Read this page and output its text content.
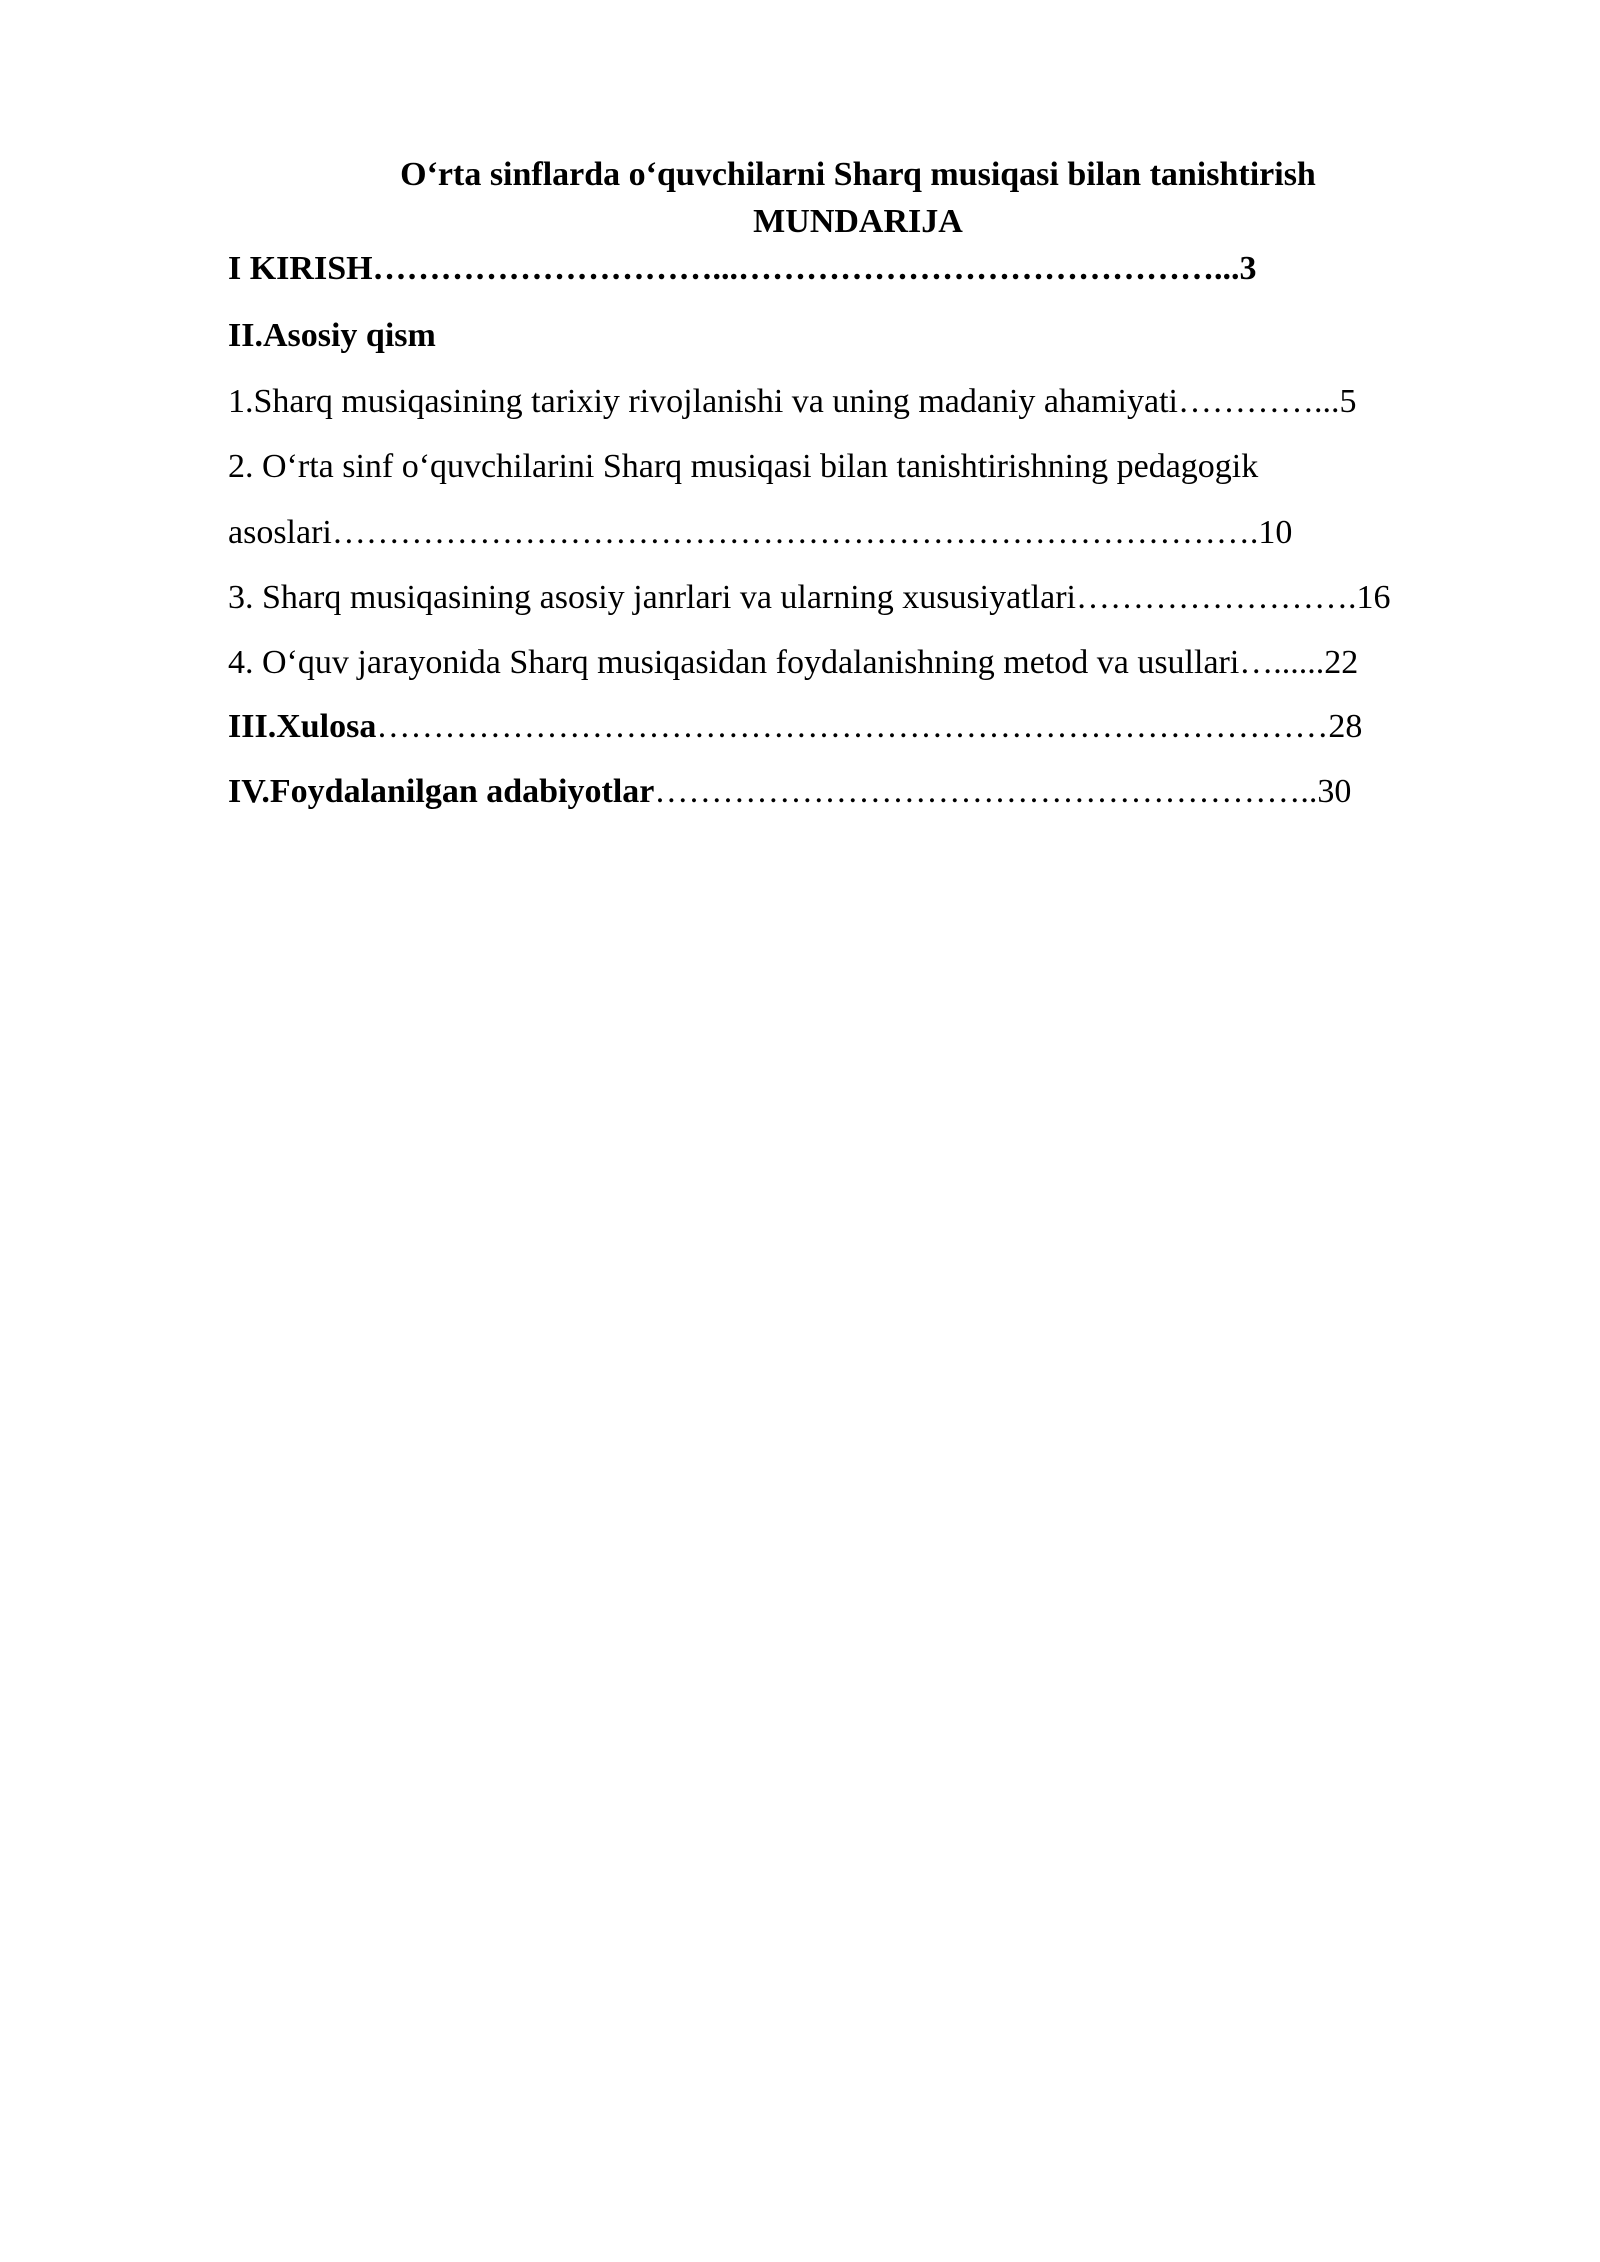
O‘rta sinflarda o‘quvchilarni Sharq musiqasi bilan tanishtirish

MUNDARIJA

I KIRISH…………………………...……………………………………...3

II.Asosiy qism

1.Sharq musiqasining tarixiy rivojlanishi va uning madaniy ahamiyati…………...5

2. O‘rta sinf o‘quvchilarini Sharq musiqasi bilan tanishtirishning pedagogik

asoslari……………………………………………………………………….10

3. Sharq musiqasining asosiy janrlari va ularning xususiyatlari…………………….16

4. O‘quv jarayonida Sharq musiqasidan foydalanishning metod va usullari…......22

III.Xulosa…………………………………………………………………………28

IV.Foydalanilgan adabiyotlar…………………………………………………..30
